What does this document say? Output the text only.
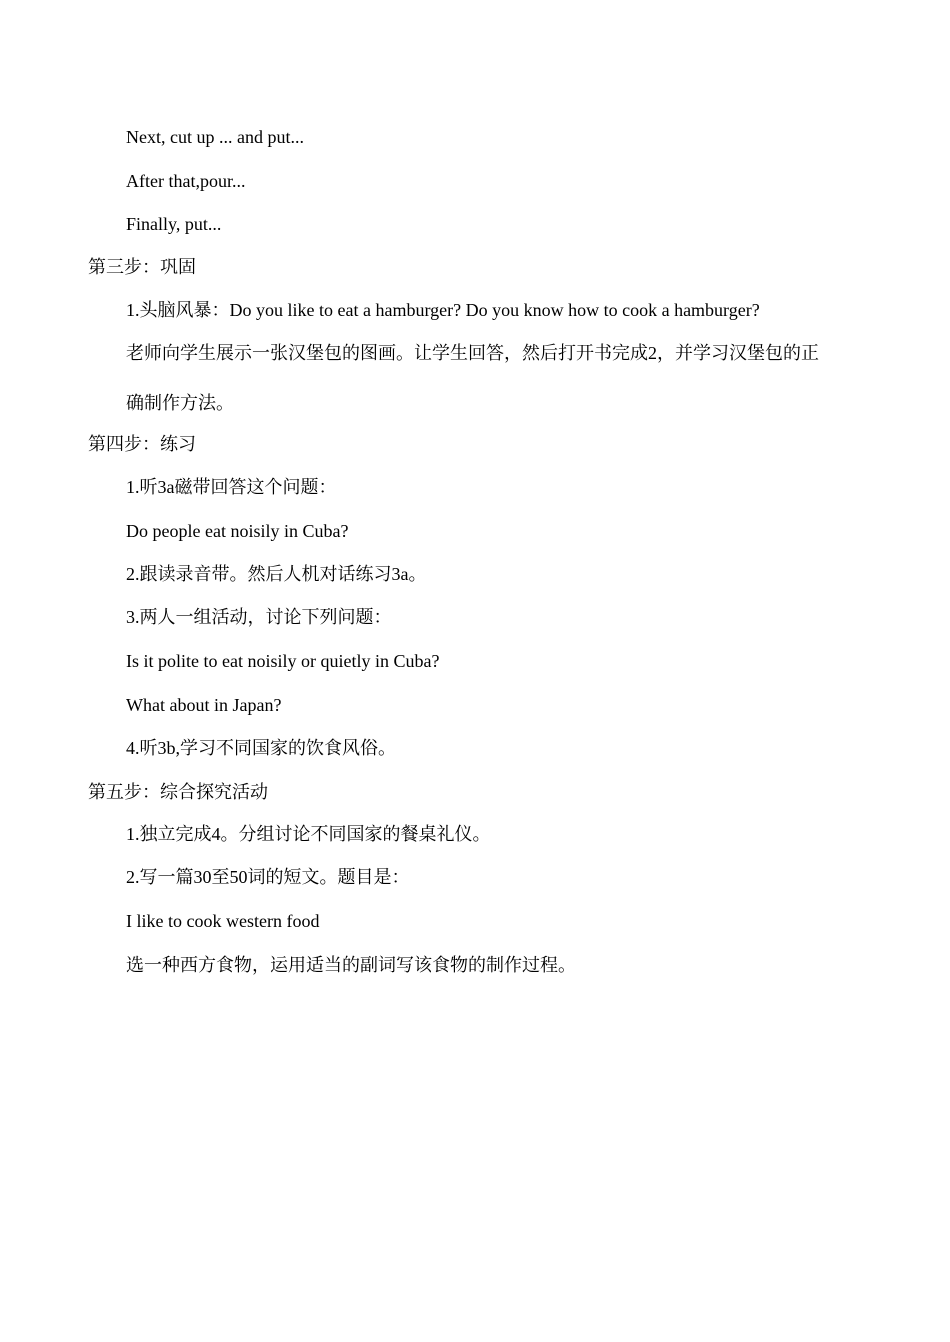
Next, cut up ... and put...
After that,pour...
Finally, put...
第三步：巩固
1.头脑风暴：Do you like to eat a hamburger? Do you know how to cook a hamburger?
老师向学生展示一张汉堡包的图画。让学生回答，然后打开书完成2，并学习汉堡包的正
确制作方法。
第四步：练习
1.听3a磁带回答这个问题：
Do people eat noisily in Cuba?
2.跟读录音带。然后人机对话练习3a。
3.两人一组活动，讨论下列问题：
Is it polite to eat noisily or quietly in Cuba?
What about in Japan?
4.听3b,学习不同国家的饮食风俗。
第五步：综合探究活动
1.独立完成4。分组讨论不同国家的餐桌礼仪。
2.写一篇30至50词的短文。题目是：
I like to cook western food
选一种西方食物，运用适当的副词写该食物的制作过程。
